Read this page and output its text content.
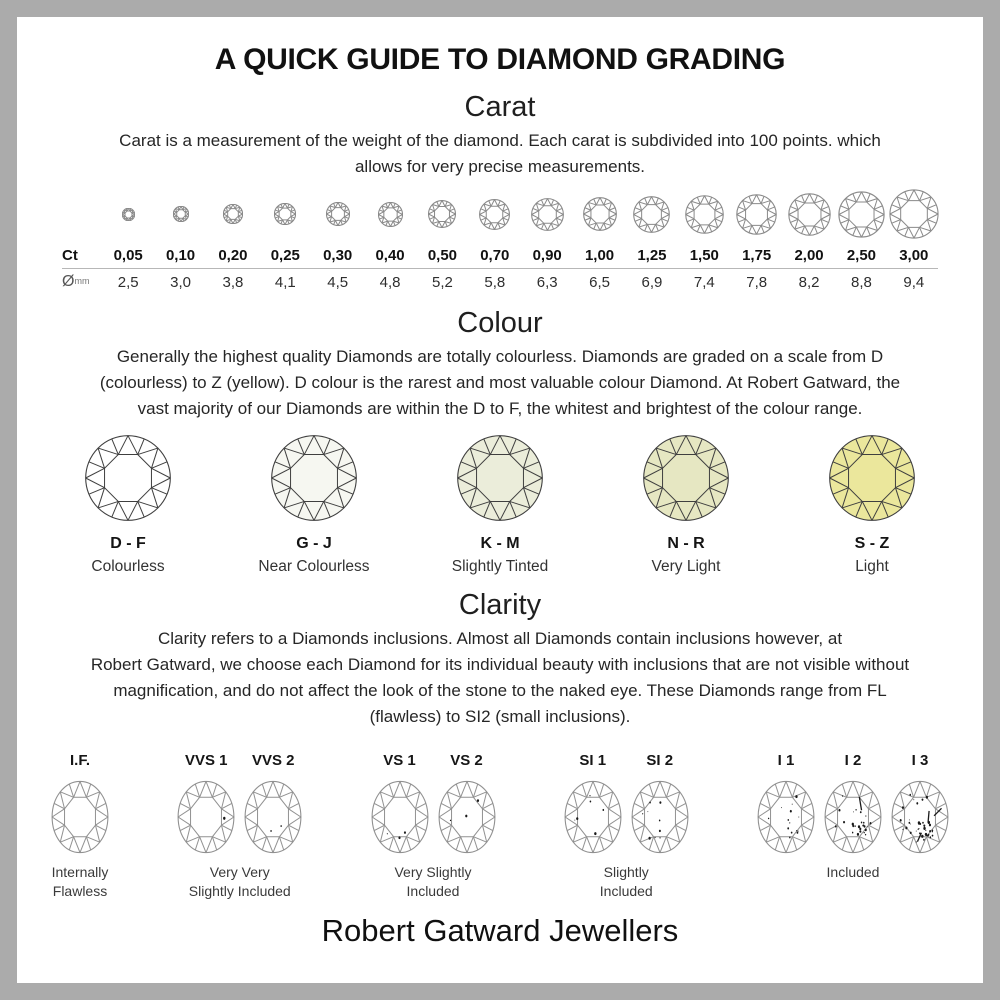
A QUICK GUIDE TO DIAMOND GRADING
Carat
Carat is a measurement of the weight of the diamond. Each carat is subdivided into 100 points. which
allows for very precise measurements.
Ct	0,05	0,10	0,20	0,25	0,30	0,40	0,50	0,70	0,90	1,00	1,25	1,50	1,75	2,00	2,50	3,00
Ømm	2,5	3,0	3,8	4,1	4,5	4,8	5,2	5,8	6,3	6,5	6,9	7,4	7,8	8,2	8,8	9,4
Colour
Generally the highest quality Diamonds are totally colourless. Diamonds are graded on a scale from D
(colourless) to Z (yellow). D colour is the rarest and most valuable colour Diamond. At Robert Gatward, the
vast majority of our Diamonds are within the D to F, the whitest and brightest of the colour range.
D - F
Colourless
G - J
Near Colourless
K - M
Slightly Tinted
N - R
Very Light
S - Z
Light
Clarity
Clarity refers to a Diamonds inclusions. Almost all Diamonds contain inclusions however, at
Robert Gatward, we choose each Diamond for its individual beauty with inclusions that are not visible without
magnification, and do not affect the look of the stone to the naked eye. These Diamonds range from FL
(flawless) to SI2 (small inclusions).
I.F.
Internally
Flawless
VVS 1 VVS 2
Very Very
Slightly Included
VS 1 VS 2
Very Slightly
Included
SI 1	SI 2
Slightly
Included
I 1	I 2	I 3
Included
Robert Gatward Jewellers
